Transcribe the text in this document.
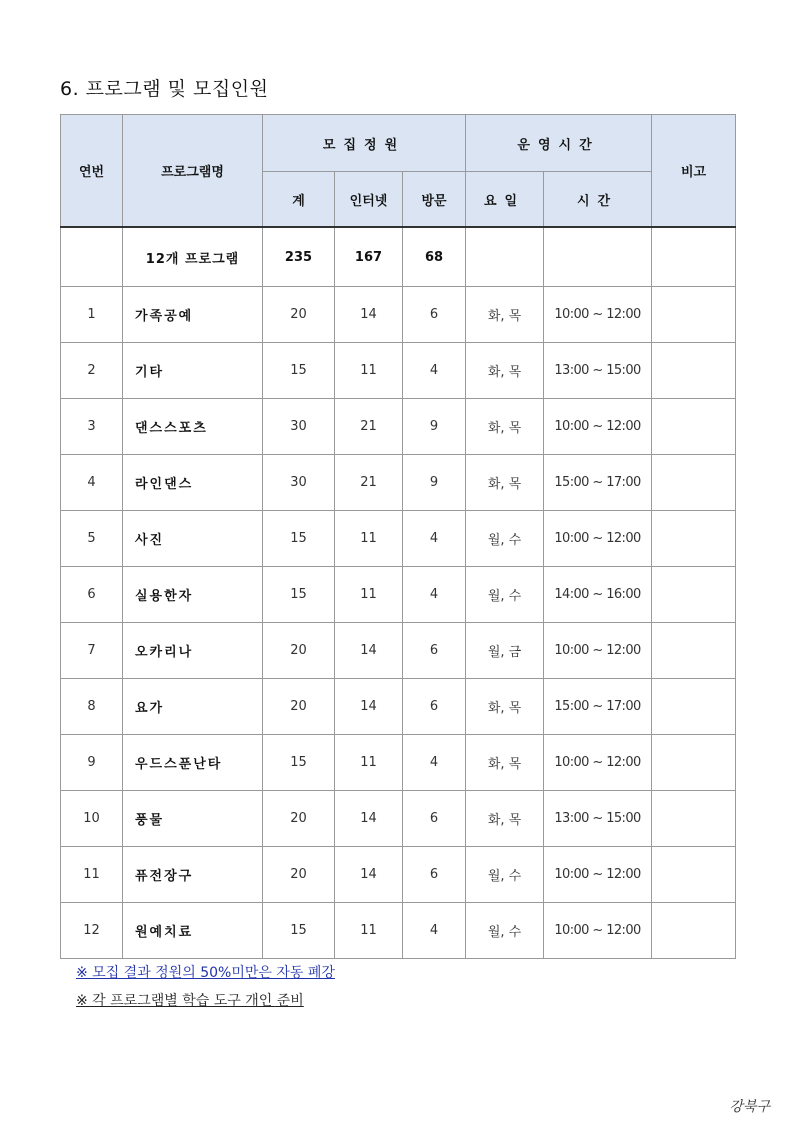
6. 프로그램 및 모집인원
연번	프로그램명	모집정원			운영시간		비고
		계	인터넷	방문	요일	시간	
	12개 프로그램	235	167	68			
1	가족공예	20	14	6	화, 목	10:00 ~ 12:00	
2	기타	15	11	4	화, 목	13:00 ~ 15:00	
3	댄스스포츠	30	21	9	화, 목	10:00 ~ 12:00	
4	라인댄스	30	21	9	화, 목	15:00 ~ 17:00	
5	사진	15	11	4	월, 수	10:00 ~ 12:00	
6	실용한자	15	11	4	월, 수	14:00 ~ 16:00	
7	오카리나	20	14	6	월, 금	10:00 ~ 12:00	
8	요가	20	14	6	화, 목	15:00 ~ 17:00	
9	우드스푼난타	15	11	4	화, 목	10:00 ~ 12:00	
10	풍물	20	14	6	화, 목	13:00 ~ 15:00	
11	퓨전장구	20	14	6	월, 수	10:00 ~ 12:00	
12	원예치료	15	11	4	월, 수	10:00 ~ 12:00	
※ 모집 결과 정원의 50%미만은 자동 폐강
※ 각 프로그램별 학습 도구 개인 준비
강북구
